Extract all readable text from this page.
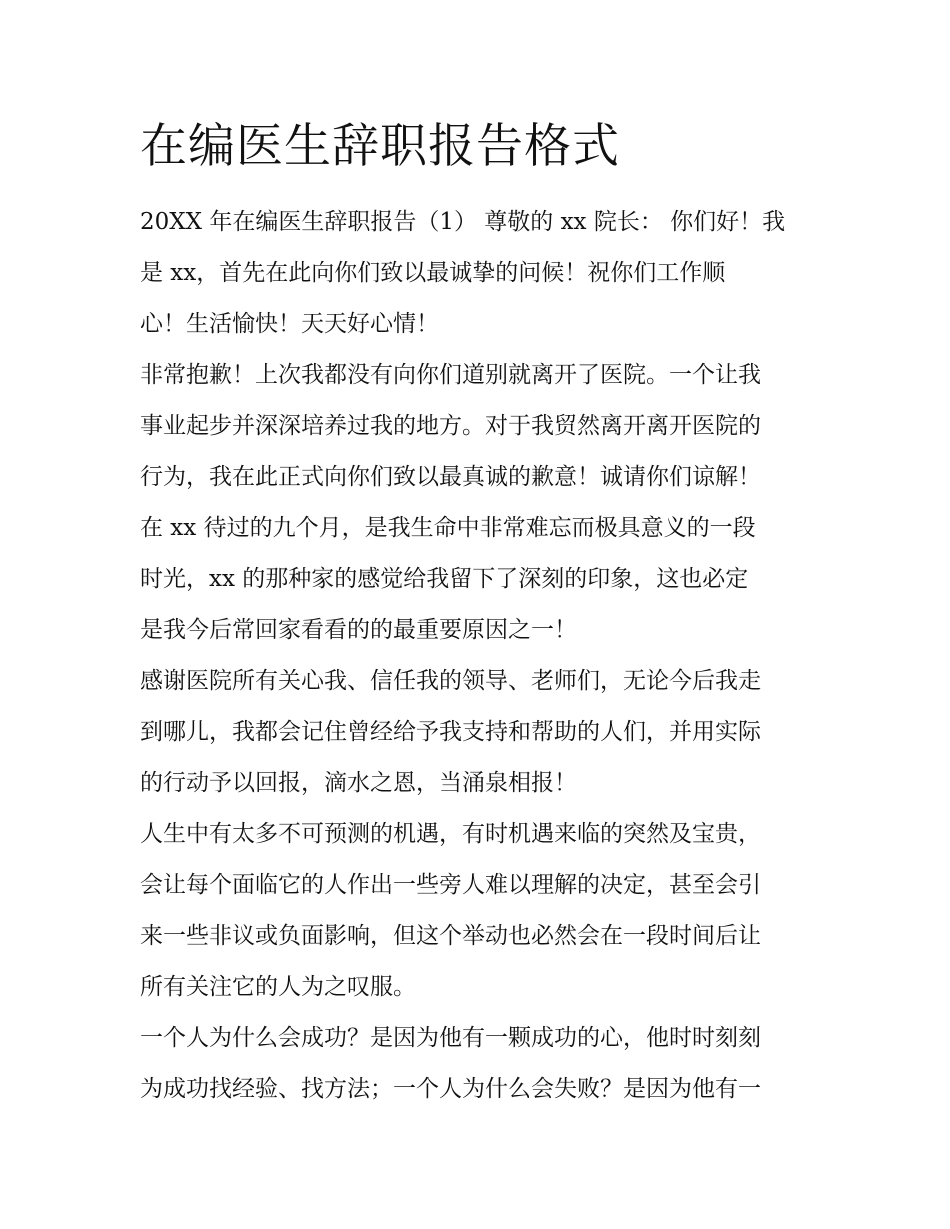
在编医生辞职报告格式
20XX 年在编医生辞职报告（1） 尊敬的 xx 院长： 你们好！我
是 xx，首先在此向你们致以最诚挚的问候！祝你们工作顺
心！生活愉快！天天好心情！
非常抱歉！上次我都没有向你们道别就离开了医院。一个让我
事业起步并深深培养过我的地方。对于我贸然离开离开医院的
行为，我在此正式向你们致以最真诚的歉意！诚请你们谅解！
在 xx 待过的九个月，是我生命中非常难忘而极具意义的一段
时光，xx 的那种家的感觉给我留下了深刻的印象，这也必定
是我今后常回家看看的的最重要原因之一！
感谢医院所有关心我、信任我的领导、老师们，无论今后我走
到哪儿，我都会记住曾经给予我支持和帮助的人们，并用实际
的行动予以回报，滴水之恩，当涌泉相报！
人生中有太多不可预测的机遇，有时机遇来临的突然及宝贵，
会让每个面临它的人作出一些旁人难以理解的决定，甚至会引
来一些非议或负面影响，但这个举动也必然会在一段时间后让
所有关注它的人为之叹服。
一个人为什么会成功？是因为他有一颗成功的心，他时时刻刻
为成功找经验、找方法；一个人为什么会失败？是因为他有一
